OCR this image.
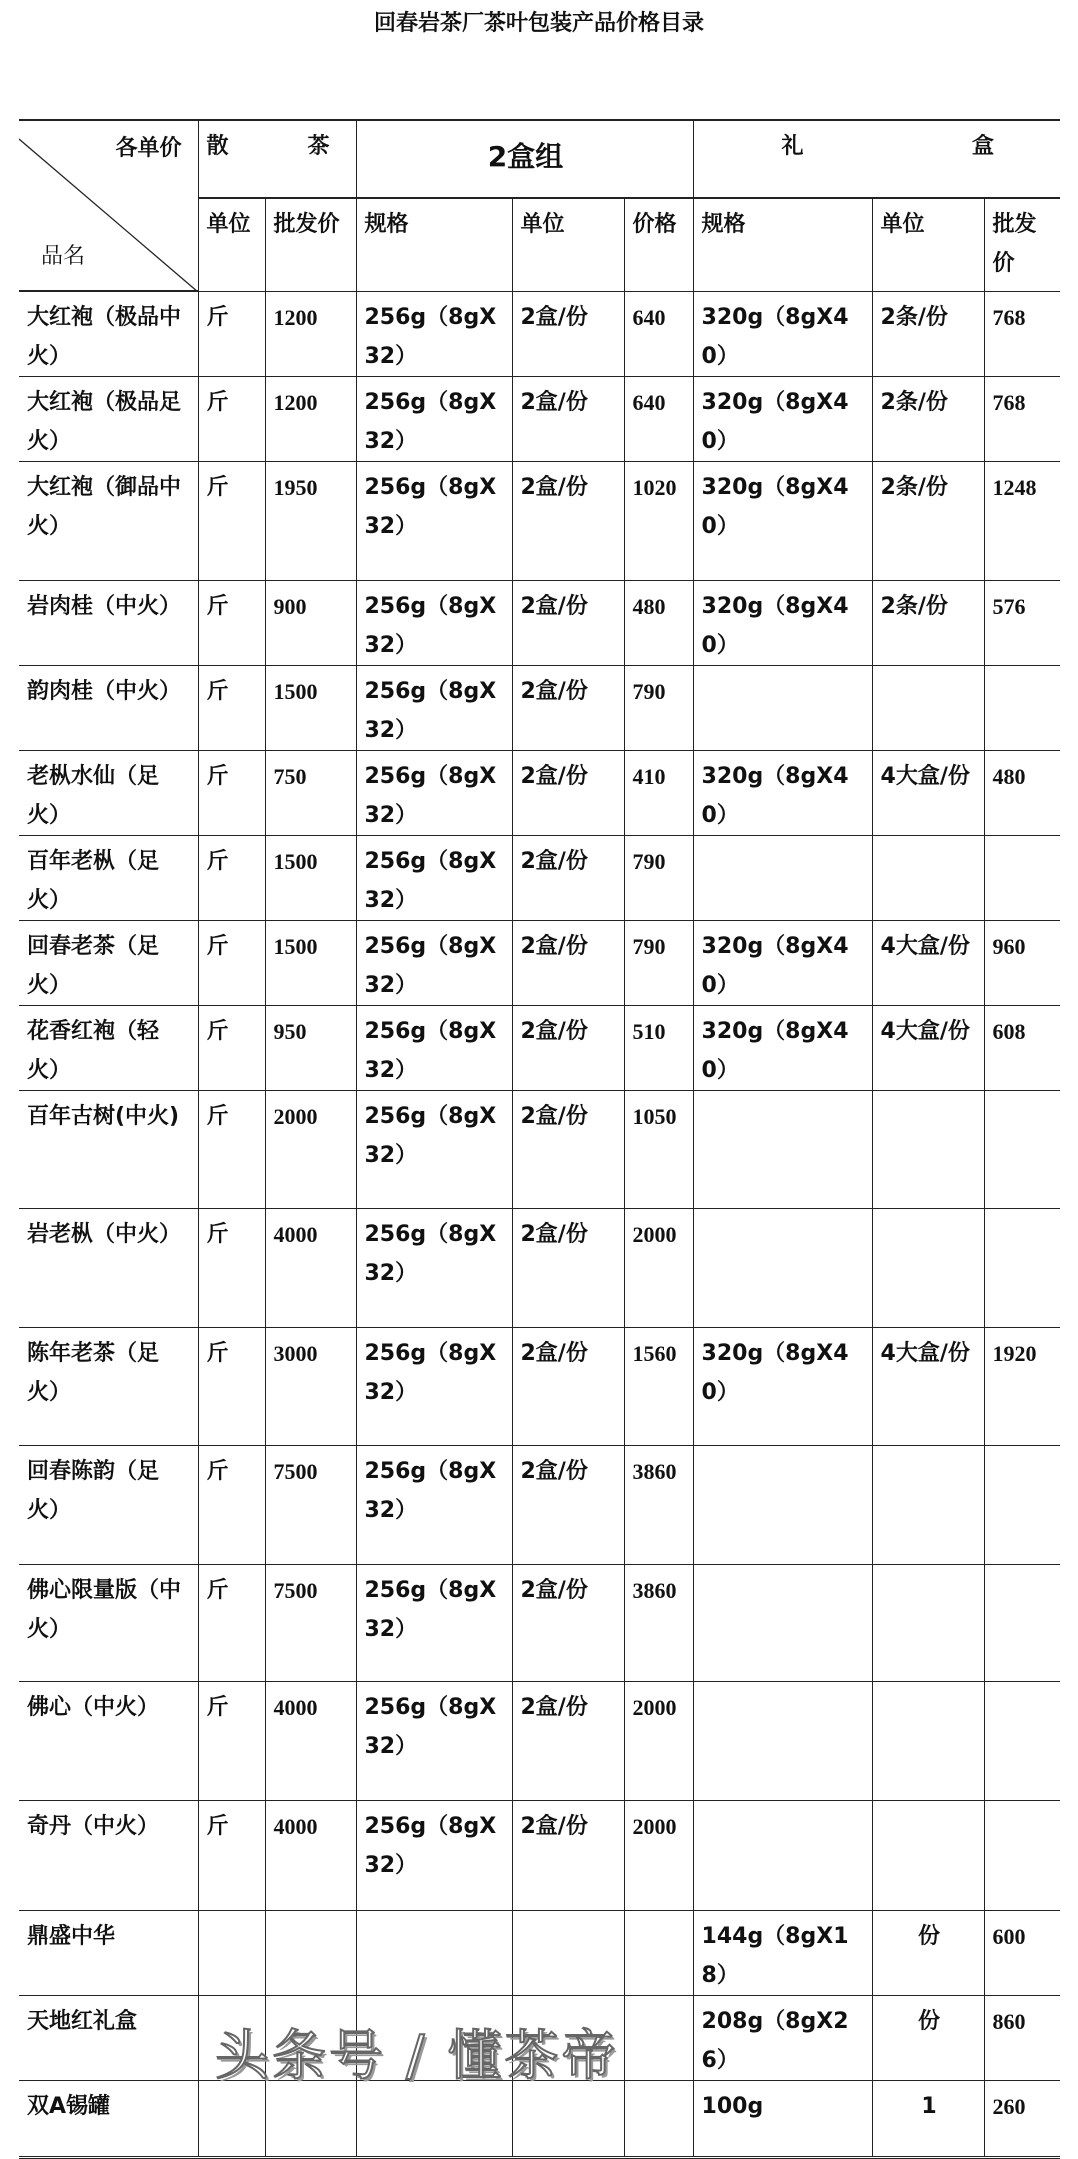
回春岩茶厂茶叶包装产品价格目录
各单价
品名	散 茶		2盒组			礼 盒		

	单位	批发价	规格	单位	价格	规格	单位	批发价
大红袍（极品中火）	斤	1200	256g（8gX32）	2盒/份	640	320g（8gX40）	2条/份	768
大红袍（极品足火）	斤	1200	256g（8gX32）	2盒/份	640	320g（8gX40）	2条/份	768
大红袍（御品中火）	斤	1950	256g（8gX32）	2盒/份	1020	320g（8gX40）	2条/份	1248
岩肉桂（中火）	斤	900	256g（8gX32）	2盒/份	480	320g（8gX40）	2条/份	576
韵肉桂（中火）	斤	1500	256g（8gX32）	2盒/份	790			
老枞水仙（足火）	斤	750	256g（8gX32）	2盒/份	410	320g（8gX40）	4大盒/份	480
百年老枞（足火）	斤	1500	256g（8gX32）	2盒/份	790			
回春老茶（足火）	斤	1500	256g（8gX32）	2盒/份	790	320g（8gX40）	4大盒/份	960
花香红袍（轻火）	斤	950	256g（8gX32）	2盒/份	510	320g（8gX40）	4大盒/份	608
百年古树(中火)	斤	2000	256g（8gX32）	2盒/份	1050			
岩老枞（中火）	斤	4000	256g（8gX32）	2盒/份	2000			
陈年老茶（足火）	斤	3000	256g（8gX32）	2盒/份	1560	320g（8gX40）	4大盒/份	1920
回春陈韵（足火）	斤	7500	256g（8gX32）	2盒/份	3860			
佛心限量版（中火）	斤	7500	256g（8gX32）	2盒/份	3860			
佛心（中火）	斤	4000	256g（8gX32）	2盒/份	2000			
奇丹（中火）	斤	4000	256g（8gX32）	2盒/份	2000			
鼎盛中华						144g（8gX18）	份	600
天地红礼盒						208g（8gX26）	份	860
双A锡罐						100g	1	260
头条号 / 懂茶帝
